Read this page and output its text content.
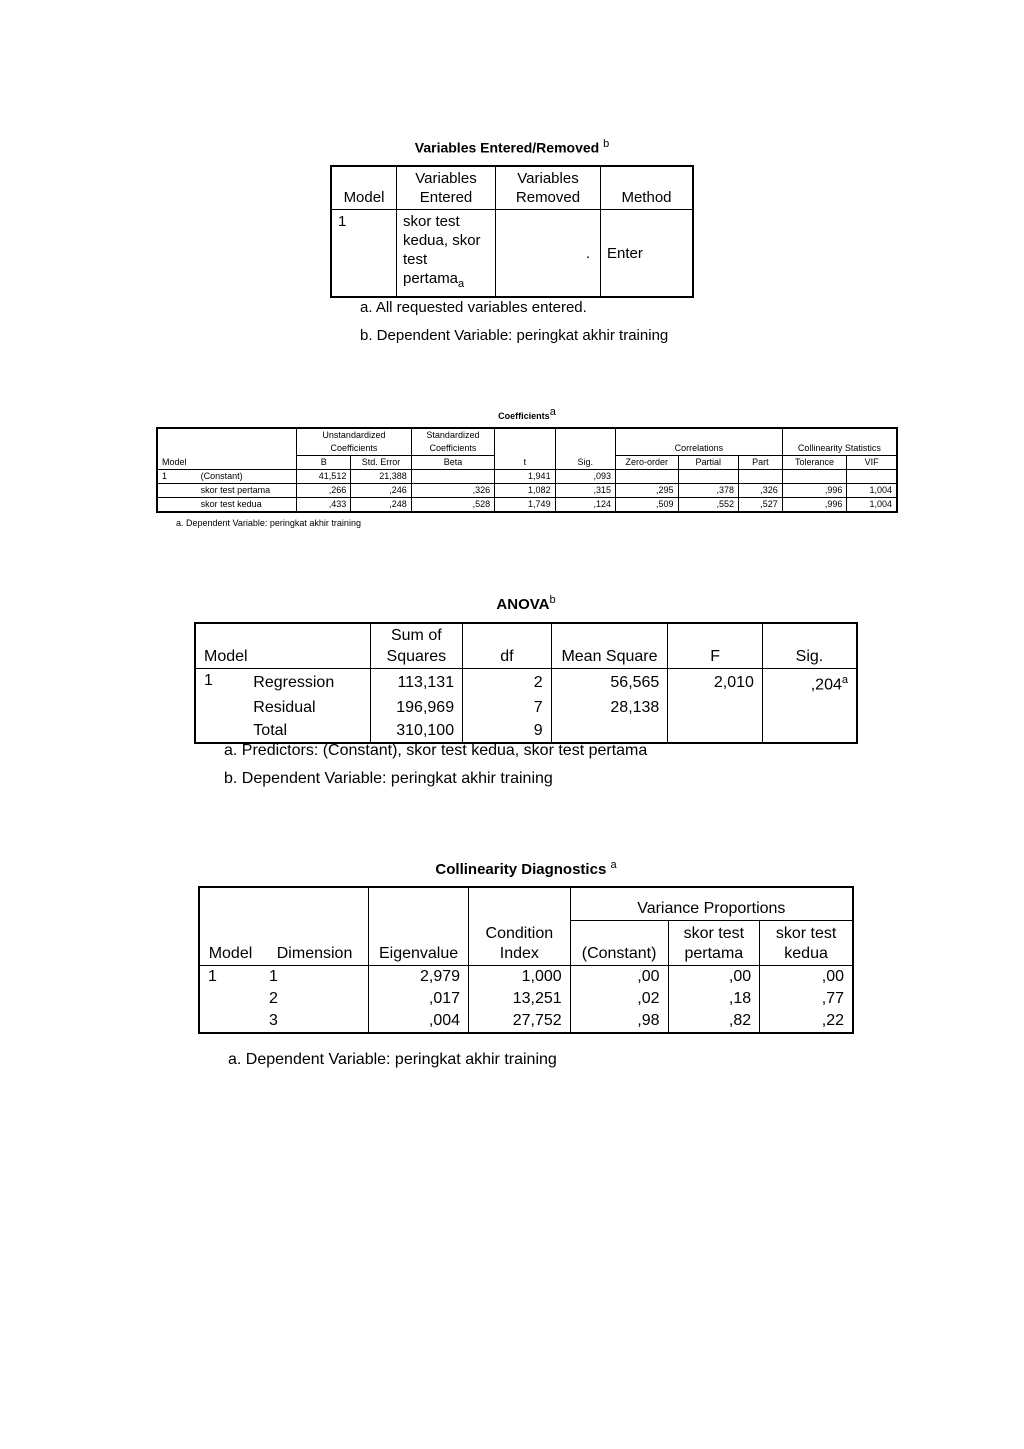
Variables Entered/Removed $^b$
Model	Variables Entered	Variables Removed	Method
1	skor test kedua, skor test pertama$_a$	.	Enter
a. All requested variables entered.
b. Dependent Variable: peringkat akhir training
Coefficients$^a$
		Unstandardized Coefficients		Standardized Coefficients			Correlations			Collinearity Statistics	
Model		B	Std. Error	Beta	t	Sig.	Zero-order	Partial	Part	Tolerance	VIF
1	(Constant)	41,512	21,388		1,941	,093					
	skor test pertama	,266	,246	,326	1,082	,315	,295	,378	,326	,996	1,004
	skor test kedua	,433	,248	,528	1,749	,124	,509	,552	,527	,996	1,004
a. Dependent Variable: peringkat akhir training
ANOVA$^b$
Model		Sum of Squares	df	Mean Square	F	Sig.
1	Regression	113,131	2	56,565	2,010	,204$^a$
	Residual	196,969	7	28,138		
	Total	310,100	9			
a. Predictors: (Constant), skor test kedua, skor test pertama
b. Dependent Variable: peringkat akhir training
Collinearity Diagnostics $^a$

				Variance Proportions		

Model	Dimension	Eigenvalue	Condition Index	(Constant)	skor test pertama	skor test kedua
1	1	2,979	1,000	,00	,00	,00
	2	,017	13,251	,02	,18	,77
	3	,004	27,752	,98	,82	,22
a. Dependent Variable: peringkat akhir training
